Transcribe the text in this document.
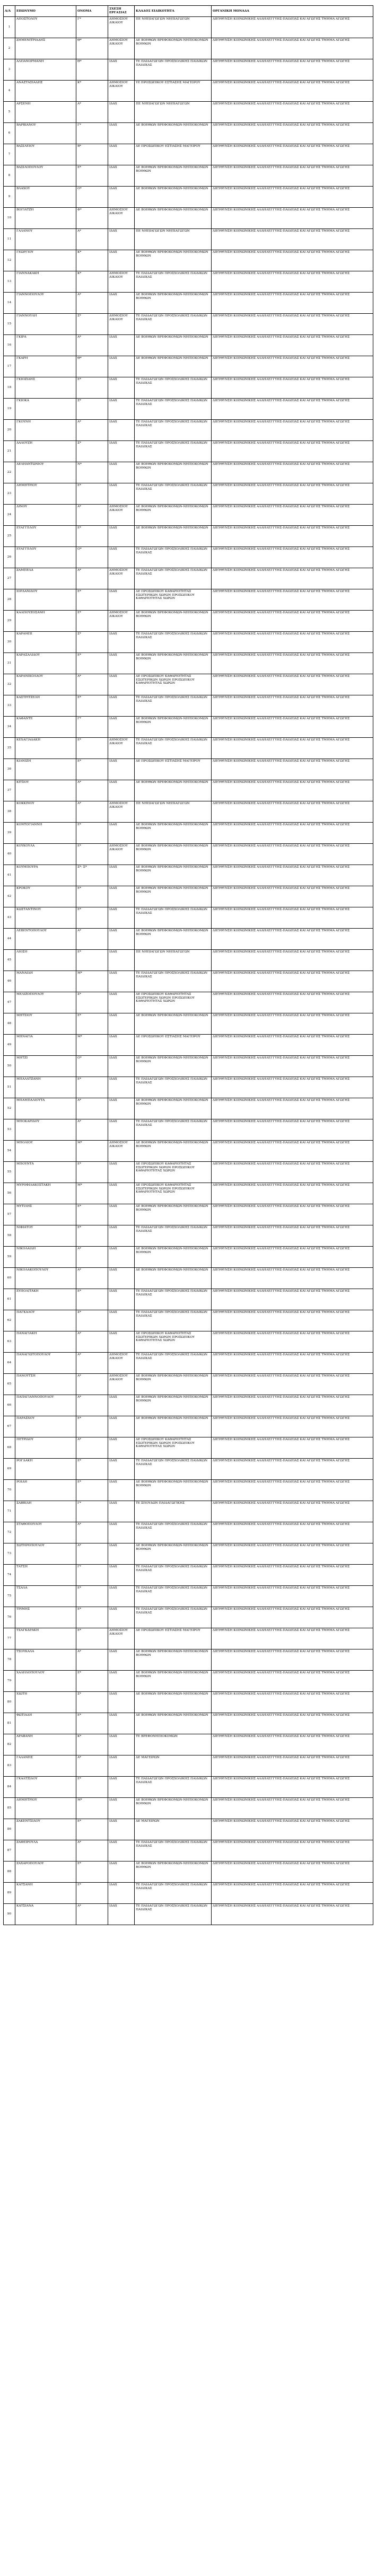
Α/Α	ΕΠΩΝΥΜΟ	ΟΝΟΜΑ	ΣΧΕΣΗ ΕΡΓΑΣΙΑΣ	ΚΛΑΔΟΣ ΕΙΔΙΚΟΤΗΤΑ	ΟΡΓΑΝΙΚΗ ΜΟΝΑΔΑ
1	ΑΠΟΣΤΟΛΟΥ	Γ*	ΔΗΜΟΣΙΟΥ ΔΙΚΑΙΟΥ	ΠΕ ΝΗΠΙΑΓΩΓΩΝ ΝΗΠΙΑΓΩΓΩΝ	ΔΙΕΥΘΥΝΣΗ ΚΟΙΝΩΝΙΚΗΣ ΑΛΛΗΛΕΓΓΥΗΣ-ΠΑΙΔΕΙΑΣ ΚΑΙ ΑΓΩΓΗΣ ΤΜΗΜΑ ΑΓΩΓΗΣ
2	ΖΗΜΕΝΙΤΡΙΑΔΗΣ	Θ*	ΔΗΜΟΣΙΟΥ ΔΙΚΑΙΟΥ	ΔΕ ΒΟΗΘΩΝ ΒΡΕΦΟΚΟΜΩΝ-ΝΗΠΙΟΚΟΜΩΝ ΒΟΗΘΩΝ	ΔΙΕΥΘΥΝΣΗ ΚΟΙΝΩΝΙΚΗΣ ΑΛΛΗΛΕΓΓΥΗΣ-ΠΑΙΔΕΙΑΣ ΚΑΙ ΑΓΩΓΗΣ ΤΜΗΜΑ ΑΓΩΓΗΣ
3	ΑΛΠΑΝΟΡΜΑΝΗ	Θ*	ΙΔΑΧ	ΤΕ ΠΑΙΔΑΓΩΓΩΝ ΠΡΟΣΧΟΛΙΚΗΣ ΠΑΙΔΙΚΩΝ ΠΑΙΔΙΚΑΣ	ΔΙΕΥΘΥΝΣΗ ΚΟΙΝΩΝΙΚΗΣ ΑΛΛΗΛΕΓΓΥΗΣ-ΠΑΙΔΕΙΑΣ ΚΑΙ ΑΓΩΓΗΣ ΤΜΗΜΑ ΑΓΩΓΗΣ
4	ΑΝΑΣΤΑΣΙΑΔΗΣ	Κ*	ΔΗΜΟΣΙΟΥ ΔΙΚΑΙΟΥ	ΥΕ ΠΡΟΣΩΠΙΚΟΥ ΕΣΤΙΑΣΗΣ ΜΑΓΕΙΡΟΥ	ΔΙΕΥΘΥΝΣΗ ΚΟΙΝΩΝΙΚΗΣ ΑΛΛΗΛΕΓΓΥΗΣ-ΠΑΙΔΕΙΑΣ ΚΑΙ ΑΓΩΓΗΣ ΤΜΗΜΑ ΑΓΩΓΗΣ
5	ΑΡΣΕΝΗ	Α*	ΙΔΑΧ	ΠΕ ΝΗΠΙΑΓΩΓΩΝ ΝΗΠΙΑΓΩΓΩΝ	ΔΙΕΥΘΥΝΣΗ ΚΟΙΝΩΝΙΚΗΣ ΑΛΛΗΛΕΓΓΥΗΣ-ΠΑΙΔΕΙΑΣ ΚΑΙ ΑΓΩΓΗΣ ΤΜΗΜΑ ΑΓΩΓΗΣ
6	ΒΑΡΒΙΑΝΟΥ	Γ*	ΙΔΑΧ	ΔΕ ΒΟΗΘΩΝ ΒΡΕΦΟΚΟΜΩΝ-ΝΗΠΙΟΚΟΜΩΝ	ΔΙΕΥΘΥΝΣΗ ΚΟΙΝΩΝΙΚΗΣ ΑΛΛΗΛΕΓΓΥΗΣ-ΠΑΙΔΕΙΑΣ ΚΑΙ ΑΓΩΓΗΣ ΤΜΗΜΑ ΑΓΩΓΗΣ
7	ΒΑΣΙΛΕΙΟΥ	Β*	ΙΔΑΧ	ΔΕ ΠΡΟΣΩΠΙΚΟΥ ΕΣΤΙΑΣΗΣ ΜΑΓΕΙΡΟΥ	ΔΙΕΥΘΥΝΣΗ ΚΟΙΝΩΝΙΚΗΣ ΑΛΛΗΛΕΓΓΥΗΣ-ΠΑΙΔΕΙΑΣ ΚΑΙ ΑΓΩΓΗΣ ΤΜΗΜΑ ΑΓΩΓΗΣ
8	ΒΑΣΙΛΟΠΟΥΛΟΥ	Ε*	ΙΔΑΧ	ΔΕ ΒΟΗΘΩΝ ΒΡΕΦΟΚΟΜΩΝ-ΝΗΠΙΟΚΟΜΩΝ ΒΟΗΘΩΝ	ΔΙΕΥΘΥΝΣΗ ΚΟΙΝΩΝΙΚΗΣ ΑΛΛΗΛΕΓΓΥΗΣ-ΠΑΙΔΕΙΑΣ ΚΑΙ ΑΓΩΓΗΣ ΤΜΗΜΑ ΑΓΩΓΗΣ
9	ΒΛΑΧΟΥ	Ο*	ΙΔΑΧ	ΔΕ ΒΟΗΘΩΝ ΒΡΕΦΟΚΟΜΩΝ-ΝΗΠΙΟΚΟΜΩΝ	ΔΙΕΥΘΥΝΣΗ ΚΟΙΝΩΝΙΚΗΣ ΑΛΛΗΛΕΓΓΥΗΣ-ΠΑΙΔΕΙΑΣ ΚΑΙ ΑΓΩΓΗΣ ΤΜΗΜΑ ΑΓΩΓΗΣ
10	ΒΟΓΙΑΤΖΗ	Φ*	ΔΗΜΟΣΙΟΥ ΔΙΚΑΙΟΥ	ΔΕ ΒΟΗΘΩΝ ΒΡΕΦΟΚΟΜΩΝ-ΝΗΠΙΟΚΟΜΩΝ	ΔΙΕΥΘΥΝΣΗ ΚΟΙΝΩΝΙΚΗΣ ΑΛΛΗΛΕΓΓΥΗΣ-ΠΑΙΔΕΙΑΣ ΚΑΙ ΑΓΩΓΗΣ ΤΜΗΜΑ ΑΓΩΓΗΣ
11	ΓΑΛΑΝΟΥ	Α*	ΙΔΑΧ	ΠΕ ΝΗΠΙΑΓΩΓΩΝ ΝΗΠΙΑΓΩΓΩΝ	ΔΙΕΥΘΥΝΣΗ ΚΟΙΝΩΝΙΚΗΣ ΑΛΛΗΛΕΓΓΥΗΣ-ΠΑΙΔΕΙΑΣ ΚΑΙ ΑΓΩΓΗΣ ΤΜΗΜΑ ΑΓΩΓΗΣ
12	ΓΕΩΡΓΙΟΥ	Κ*	ΙΔΑΧ	ΔΕ ΒΟΗΘΩΝ ΒΡΕΦΟΚΟΜΩΝ-ΝΗΠΙΟΚΟΜΩΝ ΒΟΗΘΩΝ	ΔΙΕΥΘΥΝΣΗ ΚΟΙΝΩΝΙΚΗΣ ΑΛΛΗΛΕΓΓΥΗΣ-ΠΑΙΔΕΙΑΣ ΚΑΙ ΑΓΩΓΗΣ ΤΜΗΜΑ ΑΓΩΓΗΣ
13	ΓΙΑΝΝΑΚΑΚΗ	Κ*	ΔΗΜΟΣΙΟΥ ΔΙΚΑΙΟΥ	ΤΕ ΠΑΙΔΑΓΩΓΩΝ ΠΡΟΣΧΟΛΙΚΗΣ ΠΑΙΔΙΚΩΝ ΠΑΙΔΙΚΑΣ	ΔΙΕΥΘΥΝΣΗ ΚΟΙΝΩΝΙΚΗΣ ΑΛΛΗΛΕΓΓΥΗΣ-ΠΑΙΔΕΙΑΣ ΚΑΙ ΑΓΩΓΗΣ ΤΜΗΜΑ ΑΓΩΓΗΣ
14	ΓΙΑΝΝΟΠΟΥΛΟΥ	Α*	ΙΔΑΧ	ΔΕ ΒΟΗΘΩΝ ΒΡΕΦΟΚΟΜΩΝ-ΝΗΠΙΟΚΟΜΩΝ ΒΟΗΘΩΝ	ΔΙΕΥΘΥΝΣΗ ΚΟΙΝΩΝΙΚΗΣ ΑΛΛΗΛΕΓΓΥΗΣ-ΠΑΙΔΕΙΑΣ ΚΑΙ ΑΓΩΓΗΣ ΤΜΗΜΑ ΑΓΩΓΗΣ
15	ΓΙΑΝΝΟΥΛΗ	Σ*	ΔΗΜΟΣΙΟΥ ΔΙΚΑΙΟΥ	ΤΕ ΠΑΙΔΑΓΩΓΩΝ ΠΡΟΣΧΟΛΙΚΗΣ ΠΑΙΔΙΚΩΝ ΠΑΙΔΙΚΑΣ	ΔΙΕΥΘΥΝΣΗ ΚΟΙΝΩΝΙΚΗΣ ΑΛΛΗΛΕΓΓΥΗΣ-ΠΑΙΔΕΙΑΣ ΚΑΙ ΑΓΩΓΗΣ ΤΜΗΜΑ ΑΓΩΓΗΣ
16	ΓΚΙΡΑ	Α*	ΙΔΑΧ	ΔΕ ΒΟΗΘΩΝ ΒΡΕΦΟΚΟΜΩΝ-ΝΗΠΙΟΚΟΜΩΝ	ΔΙΕΥΘΥΝΣΗ ΚΟΙΝΩΝΙΚΗΣ ΑΛΛΗΛΕΓΓΥΗΣ-ΠΑΙΔΕΙΑΣ ΚΑΙ ΑΓΩΓΗΣ ΤΜΗΜΑ ΑΓΩΓΗΣ
17	ΓΚΑΡΗ	Θ*	ΙΔΑΧ	ΔΕ ΒΟΗΘΩΝ ΒΡΕΦΟΚΟΜΩΝ-ΝΗΠΙΟΚΟΜΩΝ	ΔΙΕΥΘΥΝΣΗ ΚΟΙΝΩΝΙΚΗΣ ΑΛΛΗΛΕΓΓΥΗΣ-ΠΑΙΔΕΙΑΣ ΚΑΙ ΑΓΩΓΗΣ ΤΜΗΜΑ ΑΓΩΓΗΣ
18	ΓΚΙΟΖΙΔΗΣ	Ε*	ΙΔΑΧ	ΤΕ ΠΑΙΔΑΓΩΓΩΝ ΠΡΟΣΧΟΛΙΚΗΣ ΠΑΙΔΙΚΩΝ ΠΑΙΔΙΚΑΣ	ΔΙΕΥΘΥΝΣΗ ΚΟΙΝΩΝΙΚΗΣ ΑΛΛΗΛΕΓΓΥΗΣ-ΠΑΙΔΕΙΑΣ ΚΑΙ ΑΓΩΓΗΣ ΤΜΗΜΑ ΑΓΩΓΗΣ
19	ΓΚΙΟΚΑ	Σ*	ΙΔΑΧ	ΤΕ ΠΑΙΔΑΓΩΓΩΝ ΠΡΟΣΧΟΛΙΚΗΣ ΠΑΙΔΙΚΩΝ ΠΑΙΔΙΚΑΣ	ΔΙΕΥΘΥΝΣΗ ΚΟΙΝΩΝΙΚΗΣ ΑΛΛΗΛΕΓΓΥΗΣ-ΠΑΙΔΕΙΑΣ ΚΑΙ ΑΓΩΓΗΣ ΤΜΗΜΑ ΑΓΩΓΗΣ
20	ΓΚΟΥΝΗ	Α*	ΙΔΑΧ	ΤΕ ΠΑΙΔΑΓΩΓΩΝ ΠΡΟΣΧΟΛΙΚΗΣ ΠΑΙΔΙΚΩΝ ΠΑΙΔΙΚΑΣ	ΔΙΕΥΘΥΝΣΗ ΚΟΙΝΩΝΙΚΗΣ ΑΛΛΗΛΕΓΓΥΗΣ-ΠΑΙΔΕΙΑΣ ΚΑΙ ΑΓΩΓΗΣ ΤΜΗΜΑ ΑΓΩΓΗΣ
21	ΔΑΛΟΥΖΗ	Σ*	ΙΔΑΧ	ΤΕ ΠΑΙΔΑΓΩΓΩΝ ΠΡΟΣΧΟΛΙΚΗΣ ΠΑΙΔΙΚΩΝ ΠΑΙΔΙΚΑΣ	ΔΙΕΥΘΥΝΣΗ ΚΟΙΝΩΝΙΚΗΣ ΑΛΛΗΛΕΓΓΥΗΣ-ΠΑΙΔΕΙΑΣ ΚΑΙ ΑΓΩΓΗΣ ΤΜΗΜΑ ΑΓΩΓΗΣ
22	ΔΕΛΗΑΝΤΩΝΙΟΥ	Ν*	ΙΔΑΧ	ΔΕ ΒΟΗΘΩΝ ΒΡΕΦΟΚΟΜΩΝ-ΝΗΠΙΟΚΟΜΩΝ ΒΟΗΘΩΝ	ΔΙΕΥΘΥΝΣΗ ΚΟΙΝΩΝΙΚΗΣ ΑΛΛΗΛΕΓΓΥΗΣ-ΠΑΙΔΕΙΑΣ ΚΑΙ ΑΓΩΓΗΣ ΤΜΗΜΑ ΑΓΩΓΗΣ
23	ΔΗΜΗΤΡΙΟΥ	Ε*	ΙΔΑΧ	ΤΕ ΠΑΙΔΑΓΩΓΩΝ ΠΡΟΣΧΟΛΙΚΗΣ ΠΑΙΔΙΚΩΝ ΠΑΙΔΙΚΑΣ	ΔΙΕΥΘΥΝΣΗ ΚΟΙΝΩΝΙΚΗΣ ΑΛΛΗΛΕΓΓΥΗΣ-ΠΑΙΔΕΙΑΣ ΚΑΙ ΑΓΩΓΗΣ ΤΜΗΜΑ ΑΓΩΓΗΣ
24	ΔΙΝΟΥ	Α*	ΔΗΜΟΣΙΟΥ ΔΙΚΑΙΟΥ	ΔΕ ΒΟΗΘΩΝ ΒΡΕΦΟΚΟΜΩΝ-ΝΗΠΙΟΚΟΜΩΝ ΒΟΗΘΩΝ	ΔΙΕΥΘΥΝΣΗ ΚΟΙΝΩΝΙΚΗΣ ΑΛΛΗΛΕΓΓΥΗΣ-ΠΑΙΔΕΙΑΣ ΚΑΙ ΑΓΩΓΗΣ ΤΜΗΜΑ ΑΓΩΓΗΣ
25	ΕΥΑΓΓΕΛΟΥ	Ε*	ΙΔΑΧ	ΔΕ ΒΟΗΘΩΝ ΒΡΕΦΟΚΟΜΩΝ-ΝΗΠΙΟΚΟΜΩΝ	ΔΙΕΥΘΥΝΣΗ ΚΟΙΝΩΝΙΚΗΣ ΑΛΛΗΛΕΓΓΥΗΣ-ΠΑΙΔΕΙΑΣ ΚΑΙ ΑΓΩΓΗΣ ΤΜΗΜΑ ΑΓΩΓΗΣ
26	ΕΥΑΓΓΕΛΟΥ	Ο*	ΙΔΑΧ	ΤΕ ΠΑΙΔΑΓΩΓΩΝ ΠΡΟΣΧΟΛΙΚΗΣ ΠΑΙΔΙΚΩΝ ΠΑΙΔΙΚΑΣ	ΔΙΕΥΘΥΝΣΗ ΚΟΙΝΩΝΙΚΗΣ ΑΛΛΗΛΕΓΓΥΗΣ-ΠΑΙΔΕΙΑΣ ΚΑΙ ΑΓΩΓΗΣ ΤΜΗΜΑ ΑΓΩΓΗΣ
27	ΖΑΜΠΕΛΑ	Α*	ΔΗΜΟΣΙΟΥ ΔΙΚΑΙΟΥ	ΤΕ ΠΑΙΔΑΓΩΓΩΝ ΠΡΟΣΧΟΛΙΚΗΣ ΠΑΙΔΙΚΩΝ ΠΑΙΔΙΚΑΣ	ΔΙΕΥΘΥΝΣΗ ΚΟΙΝΩΝΙΚΗΣ ΑΛΛΗΛΕΓΓΥΗΣ-ΠΑΙΔΕΙΑΣ ΚΑΙ ΑΓΩΓΗΣ ΤΜΗΜΑ ΑΓΩΓΗΣ
28	ΙΟΡΔΑΝΙΔΟΥ	Ε*	ΙΔΑΧ	ΔΕ ΠΡΟΣΩΠΙΚΟΥ ΚΑΘΑΡΙΟΤΗΤΑΣ ΕΣΩΤΕΡΙΚΩΝ ΧΩΡΩΝ ΠΡΟΣΩΠΙΚΟΥ ΚΑΘΑΡΙΟΤΗΤΑΣ ΧΩΡΩΝ	ΔΙΕΥΘΥΝΣΗ ΚΟΙΝΩΝΙΚΗΣ ΑΛΛΗΛΕΓΓΥΗΣ-ΠΑΙΔΕΙΑΣ ΚΑΙ ΑΓΩΓΗΣ ΤΜΗΜΑ ΑΓΩΓΗΣ
29	ΚΑΛΠΟΥΖΟΣΑΝΗ	Ε*	ΔΗΜΟΣΙΟΥ ΔΙΚΑΙΟΥ	ΔΕ ΒΟΗΘΩΝ ΒΡΕΦΟΚΟΜΩΝ-ΝΗΠΙΟΚΟΜΩΝ ΒΟΗΘΩΝ	ΔΙΕΥΘΥΝΣΗ ΚΟΙΝΩΝΙΚΗΣ ΑΛΛΗΛΕΓΓΥΗΣ-ΠΑΙΔΕΙΑΣ ΚΑΙ ΑΓΩΓΗΣ ΤΜΗΜΑ ΑΓΩΓΗΣ
30	ΚΑΡΑΜΠΙ	Σ*	ΙΔΑΧ	ΤΕ ΠΑΙΔΑΓΩΓΩΝ ΠΡΟΣΧΟΛΙΚΗΣ ΠΑΙΔΙΚΩΝ ΠΑΙΔΙΚΑΣ	ΔΙΕΥΘΥΝΣΗ ΚΟΙΝΩΝΙΚΗΣ ΑΛΛΗΛΕΓΓΥΗΣ-ΠΑΙΔΕΙΑΣ ΚΑΙ ΑΓΩΓΗΣ ΤΜΗΜΑ ΑΓΩΓΗΣ
31	ΚΑΡΑΣΑΛΙΔΟΥ	Ε*	ΙΔΑΧ	ΔΕ ΒΟΗΘΩΝ ΒΡΕΦΟΚΟΜΩΝ-ΝΗΠΙΟΚΟΜΩΝ ΒΟΗΘΩΝ	ΔΙΕΥΘΥΝΣΗ ΚΟΙΝΩΝΙΚΗΣ ΑΛΛΗΛΕΓΓΥΗΣ-ΠΑΙΔΕΙΑΣ ΚΑΙ ΑΓΩΓΗΣ ΤΜΗΜΑ ΑΓΩΓΗΣ
32	ΚΑΡΑΝΙΚΟΛΑΟΥ	Α*	ΙΔΑΧ	ΔΕ ΠΡΟΣΩΠΙΚΟΥ ΚΑΘΑΡΙΟΤΗΤΑΣ ΕΣΩΤΕΡΙΚΩΝ ΧΩΡΩΝ ΠΡΟΣΩΠΙΚΟΥ ΚΑΘΑΡΙΟΤΗΤΑΣ ΧΩΡΩΝ	ΔΙΕΥΘΥΝΣΗ ΚΟΙΝΩΝΙΚΗΣ ΑΛΛΗΛΕΓΓΥΗΣ-ΠΑΙΔΕΙΑΣ ΚΑΙ ΑΓΩΓΗΣ ΤΜΗΜΑ ΑΓΩΓΗΣ
33	ΚΑΣΤΡΙΤΖΕΛΗ	Ε*	ΙΔΑΧ	ΤΕ ΠΑΙΔΑΓΩΓΩΝ ΠΡΟΣΧΟΛΙΚΗΣ ΠΑΙΔΙΚΩΝ ΠΑΙΔΙΚΑΣ	ΔΙΕΥΘΥΝΣΗ ΚΟΙΝΩΝΙΚΗΣ ΑΛΛΗΛΕΓΓΥΗΣ-ΠΑΙΔΕΙΑΣ ΚΑΙ ΑΓΩΓΗΣ ΤΜΗΜΑ ΑΓΩΓΗΣ
34	ΚΑΦΑΝΤΕ	Γ*	ΙΔΑΧ	ΔΕ ΒΟΗΘΩΝ ΒΡΕΦΟΚΟΜΩΝ-ΝΗΠΙΟΚΟΜΩΝ ΒΟΗΘΩΝ	ΔΙΕΥΘΥΝΣΗ ΚΟΙΝΩΝΙΚΗΣ ΑΛΛΗΛΕΓΓΥΗΣ-ΠΑΙΔΕΙΑΣ ΚΑΙ ΑΓΩΓΗΣ ΤΜΗΜΑ ΑΓΩΓΗΣ
35	ΚΕΧΑΓΙΑΔΑΚΗ	Ε*	ΔΗΜΟΣΙΟΥ ΔΙΚΑΙΟΥ	ΤΕ ΠΑΙΔΑΓΩΓΩΝ ΠΡΟΣΧΟΛΙΚΗΣ ΠΑΙΔΙΚΩΝ ΠΑΙΔΙΚΑΣ	ΔΙΕΥΘΥΝΣΗ ΚΟΙΝΩΝΙΚΗΣ ΑΛΛΗΛΕΓΓΥΗΣ-ΠΑΙΔΕΙΑΣ ΚΑΙ ΑΓΩΓΗΣ ΤΜΗΜΑ ΑΓΩΓΗΣ
36	ΚΙΛΝΙΖΗ	Ε*	ΙΔΑΧ	ΔΕ ΠΡΟΣΩΠΙΚΟΥ ΕΣΤΙΑΣΗΣ ΜΑΓΕΙΡΟΥ	ΔΙΕΥΘΥΝΣΗ ΚΟΙΝΩΝΙΚΗΣ ΑΛΛΗΛΕΓΓΥΗΣ-ΠΑΙΔΕΙΑΣ ΚΑΙ ΑΓΩΓΗΣ ΤΜΗΜΑ ΑΓΩΓΗΣ
37	ΚΙΤΣΟΥ	Α*	ΙΔΑΧ	ΔΕ ΒΟΗΘΩΝ ΒΡΕΦΟΚΟΜΩΝ-ΝΗΠΙΟΚΟΜΩΝ	ΔΙΕΥΘΥΝΣΗ ΚΟΙΝΩΝΙΚΗΣ ΑΛΛΗΛΕΓΓΥΗΣ-ΠΑΙΔΕΙΑΣ ΚΑΙ ΑΓΩΓΗΣ ΤΜΗΜΑ ΑΓΩΓΗΣ
38	ΚΟΚΚΙΝΟΥ	Α*	ΔΗΜΟΣΙΟΥ ΔΙΚΑΙΟΥ	ΠΕ ΝΗΠΙΑΓΩΓΩΝ ΝΗΠΙΑΓΩΓΩΝ	ΔΙΕΥΘΥΝΣΗ ΚΟΙΝΩΝΙΚΗΣ ΑΛΛΗΛΕΓΓΥΗΣ-ΠΑΙΔΕΙΑΣ ΚΑΙ ΑΓΩΓΗΣ ΤΜΗΜΑ ΑΓΩΓΗΣ
39	ΚΟΝΤΟΓΙΑΝΝΗ	Ε*	ΙΔΑΧ	ΔΕ ΒΟΗΘΩΝ ΒΡΕΦΟΚΟΜΩΝ-ΝΗΠΙΟΚΟΜΩΝ ΒΟΗΘΩΝ	ΔΙΕΥΘΥΝΣΗ ΚΟΙΝΩΝΙΚΗΣ ΑΛΛΗΛΕΓΓΥΗΣ-ΠΑΙΔΕΙΑΣ ΚΑΙ ΑΓΩΓΗΣ ΤΜΗΜΑ ΑΓΩΓΗΣ
40	ΚΟΥΚΟΥΛΑ	Ε*	ΔΗΜΟΣΙΟΥ ΔΙΚΑΙΟΥ	ΔΕ ΒΟΗΘΩΝ ΒΡΕΦΟΚΟΜΩΝ-ΝΗΠΙΟΚΟΜΩΝ ΒΟΗΘΩΝ	ΔΙΕΥΘΥΝΣΗ ΚΟΙΝΩΝΙΚΗΣ ΑΛΛΗΛΕΓΓΥΗΣ-ΠΑΙΔΕΙΑΣ ΚΑΙ ΑΓΩΓΗΣ ΤΜΗΜΑ ΑΓΩΓΗΣ
41	ΚΟΥΜΠΟΥΡΑ	Σ*- Σ*	ΙΔΑΧ	ΔΕ ΒΟΗΘΩΝ ΒΡΕΦΟΚΟΜΩΝ-ΝΗΠΙΟΚΟΜΩΝ ΒΟΗΘΩΝ	ΔΙΕΥΘΥΝΣΗ ΚΟΙΝΩΝΙΚΗΣ ΑΛΛΗΛΕΓΓΥΗΣ-ΠΑΙΔΕΙΑΣ ΚΑΙ ΑΓΩΓΗΣ ΤΜΗΜΑ ΑΓΩΓΗΣ
42	ΚΡΟΚΟΥ	Ε*	ΙΔΑΧ	ΔΕ ΒΟΗΘΩΝ ΒΡΕΦΟΚΟΜΩΝ-ΝΗΠΙΟΚΟΜΩΝ ΒΟΗΘΩΝ	ΔΙΕΥΘΥΝΣΗ ΚΟΙΝΩΝΙΚΗΣ ΑΛΛΗΛΕΓΓΥΗΣ-ΠΑΙΔΕΙΑΣ ΚΑΙ ΑΓΩΓΗΣ ΤΜΗΜΑ ΑΓΩΓΗΣ
43	ΚΩΣΤΑΝΤΙΝΟΥ	Ε*	ΙΔΑΧ	ΤΕ ΠΑΙΔΑΓΩΓΩΝ ΠΡΟΣΧΟΛΙΚΗΣ ΠΑΙΔΙΚΩΝ ΠΑΙΔΙΚΑΣ	ΔΙΕΥΘΥΝΣΗ ΚΟΙΝΩΝΙΚΗΣ ΑΛΛΗΛΕΓΓΥΗΣ-ΠΑΙΔΕΙΑΣ ΚΑΙ ΑΓΩΓΗΣ ΤΜΗΜΑ ΑΓΩΓΗΣ
44	ΛΕΒΕΝΤΟΠΟΥΛΟΥ	Α*	ΙΔΑΧ	ΔΕ ΒΟΗΘΩΝ ΒΡΕΦΟΚΟΜΩΝ-ΝΗΠΙΟΚΟΜΩΝ ΒΟΗΘΩΝ	ΔΙΕΥΘΥΝΣΗ ΚΟΙΝΩΝΙΚΗΣ ΑΛΛΗΛΕΓΓΥΗΣ-ΠΑΙΔΕΙΑΣ ΚΑΙ ΑΓΩΓΗΣ ΤΜΗΜΑ ΑΓΩΓΗΣ
45	ΛΙΟΣΗ	Ε*	ΙΔΑΧ	ΠΕ ΝΗΠΙΑΓΩΓΩΝ ΝΗΠΙΑΓΩΓΩΝ	ΔΙΕΥΘΥΝΣΗ ΚΟΙΝΩΝΙΚΗΣ ΑΛΛΗΛΕΓΓΥΗΣ-ΠΑΙΔΕΙΑΣ ΚΑΙ ΑΓΩΓΗΣ ΤΜΗΜΑ ΑΓΩΓΗΣ
46	ΜΑΝΑΙΔΗ	Μ*	ΙΔΑΧ	ΤΕ ΠΑΙΔΑΓΩΓΩΝ ΠΡΟΣΧΟΛΙΚΗΣ ΠΑΙΔΙΚΩΝ ΠΑΙΔΙΚΑΣ	ΔΙΕΥΘΥΝΣΗ ΚΟΙΝΩΝΙΚΗΣ ΑΛΛΗΛΕΓΓΥΗΣ-ΠΑΙΔΕΙΑΣ ΚΑΙ ΑΓΩΓΗΣ ΤΜΗΜΑ ΑΓΩΓΗΣ
47	ΜΕΛΙΖΟΠΟΥΛΟΥ	Σ*	ΙΔΑΧ	ΔΕ ΠΡΟΣΩΠΙΚΟΥ ΚΑΘΑΡΙΟΤΗΤΑΣ ΕΣΩΤΕΡΙΚΩΝ ΧΩΡΩΝ ΠΡΟΣΩΠΙΚΟΥ ΚΑΘΑΡΙΟΤΗΤΑΣ ΧΩΡΩΝ	ΔΙΕΥΘΥΝΣΗ ΚΟΙΝΩΝΙΚΗΣ ΑΛΛΗΛΕΓΓΥΗΣ-ΠΑΙΔΕΙΑΣ ΚΑΙ ΑΓΩΓΗΣ ΤΜΗΜΑ ΑΓΩΓΗΣ
48	ΜΗΤΣΙΟΥ	Ε*	ΙΔΑΧ	ΔΕ ΒΟΗΘΩΝ ΒΡΕΦΟΚΟΜΩΝ-ΝΗΠΙΟΚΟΜΩΝ	ΔΙΕΥΘΥΝΣΗ ΚΟΙΝΩΝΙΚΗΣ ΑΛΛΗΛΕΓΓΥΗΣ-ΠΑΙΔΕΙΑΣ ΚΑΙ ΑΓΩΓΗΣ ΤΜΗΜΑ ΑΓΩΓΗΣ
49	ΜΗΝΑΓΙΑ	Μ*	ΙΔΑΧ	ΔΕ ΠΡΟΣΩΠΙΚΟΥ ΕΣΤΙΑΣΗΣ ΜΑΓΕΙΡΟΥ	ΔΙΕΥΘΥΝΣΗ ΚΟΙΝΩΝΙΚΗΣ ΑΛΛΗΛΕΓΓΥΗΣ-ΠΑΙΔΕΙΑΣ ΚΑΙ ΑΓΩΓΗΣ ΤΜΗΜΑ ΑΓΩΓΗΣ
50	ΜΗΤΖΙ	Ο*	ΙΔΑΧ	ΔΕ ΒΟΗΘΩΝ ΒΡΕΦΟΚΟΜΩΝ-ΝΗΠΙΟΚΟΜΩΝ ΒΟΗΘΩΝ	ΔΙΕΥΘΥΝΣΗ ΚΟΙΝΩΝΙΚΗΣ ΑΛΛΗΛΕΓΓΥΗΣ-ΠΑΙΔΕΙΑΣ ΚΑΙ ΑΓΩΓΗΣ ΤΜΗΜΑ ΑΓΩΓΗΣ
51	ΜΠΑΛΑΤΖΑΝΗ	Ε*	ΙΔΑΧ	ΤΕ ΠΑΙΔΑΓΩΓΩΝ ΠΡΟΣΧΟΛΙΚΗΣ ΠΑΙΔΙΚΩΝ ΠΑΙΔΙΚΑΣ	ΔΙΕΥΘΥΝΣΗ ΚΟΙΝΩΝΙΚΗΣ ΑΛΛΗΛΕΓΓΥΗΣ-ΠΑΙΔΕΙΑΣ ΚΑΙ ΑΓΩΓΗΣ ΤΜΗΜΑ ΑΓΩΓΗΣ
52	ΜΠΑΜΠΑΛΙΟΥΤΑ	Α*	ΙΔΑΧ	ΔΕ ΒΟΗΘΩΝ ΒΡΕΦΟΚΟΜΩΝ-ΝΗΠΙΟΚΟΜΩΝ ΒΟΗΘΩΝ	ΔΙΕΥΘΥΝΣΗ ΚΟΙΝΩΝΙΚΗΣ ΑΛΛΗΛΕΓΓΥΗΣ-ΠΑΙΔΕΙΑΣ ΚΑΙ ΑΓΩΓΗΣ ΤΜΗΜΑ ΑΓΩΓΗΣ
53	ΜΠΟΚΑΡΙΔΟΥ	Α*	ΙΔΑΧ	ΤΕ ΠΑΙΔΑΓΩΓΩΝ ΠΡΟΣΧΟΛΙΚΗΣ ΠΑΙΔΙΚΩΝ ΠΑΙΔΙΚΑΣ	ΔΙΕΥΘΥΝΣΗ ΚΟΙΝΩΝΙΚΗΣ ΑΛΛΗΛΕΓΓΥΗΣ-ΠΑΙΔΕΙΑΣ ΚΑΙ ΑΓΩΓΗΣ ΤΜΗΜΑ ΑΓΩΓΗΣ
54	ΜΠΟΛΙΟΥ	Μ*	ΔΗΜΟΣΙΟΥ ΔΙΚΑΙΟΥ	ΔΕ ΒΟΗΘΩΝ ΒΡΕΦΟΚΟΜΩΝ-ΝΗΠΙΟΚΟΜΩΝ ΒΟΗΘΩΝ	ΔΙΕΥΘΥΝΣΗ ΚΟΙΝΩΝΙΚΗΣ ΑΛΛΗΛΕΓΓΥΗΣ-ΠΑΙΔΕΙΑΣ ΚΑΙ ΑΓΩΓΗΣ ΤΜΗΜΑ ΑΓΩΓΗΣ
55	ΜΠΟΥΝΤΑ	Ε*	ΙΔΑΧ	ΔΕ ΠΡΟΣΩΠΙΚΟΥ ΚΑΘΑΡΙΟΤΗΤΑΣ ΕΣΩΤΕΡΙΚΩΝ ΧΩΡΩΝ ΠΡΟΣΩΠΙΚΟΥ ΚΑΘΑΡΙΟΤΗΤΑΣ ΧΩΡΩΝ	ΔΙΕΥΘΥΝΣΗ ΚΟΙΝΩΝΙΚΗΣ ΑΛΛΗΛΕΓΓΥΗΣ-ΠΑΙΔΕΙΑΣ ΚΑΙ ΑΓΩΓΗΣ ΤΜΗΜΑ ΑΓΩΓΗΣ
56	ΜΥΡΟΦΙΛΑΚΟΣΤΑΚΗ	Μ*	ΙΔΑΧ	ΔΕ ΠΡΟΣΩΠΙΚΟΥ ΚΑΘΑΡΙΟΤΗΤΑΣ ΕΣΩΤΕΡΙΚΩΝ ΧΩΡΩΝ ΠΡΟΣΩΠΙΚΟΥ ΚΑΘΑΡΙΟΤΗΤΑΣ ΧΩΡΩΝ	ΔΙΕΥΘΥΝΣΗ ΚΟΙΝΩΝΙΚΗΣ ΑΛΛΗΛΕΓΓΥΗΣ-ΠΑΙΔΕΙΑΣ ΚΑΙ ΑΓΩΓΗΣ ΤΜΗΜΑ ΑΓΩΓΗΣ
57	ΜΥΤΙΛΗΣ	Ε*	ΙΔΑΧ	ΔΕ ΒΟΗΘΩΝ ΒΡΕΦΟΚΟΜΩΝ-ΝΗΠΙΟΚΟΜΩΝ ΒΟΗΘΩΝ	ΔΙΕΥΘΥΝΣΗ ΚΟΙΝΩΝΙΚΗΣ ΑΛΛΗΛΕΓΓΥΗΣ-ΠΑΙΔΕΙΑΣ ΚΑΙ ΑΓΩΓΗΣ ΤΜΗΜΑ ΑΓΩΓΗΣ
58	ΝΙΦΙΑΤΟΥ	Ε*	ΙΔΑΧ	ΤΕ ΠΑΙΔΑΓΩΓΩΝ ΠΡΟΣΧΟΛΙΚΗΣ ΠΑΙΔΙΚΩΝ ΠΑΙΔΙΚΑΣ	ΔΙΕΥΘΥΝΣΗ ΚΟΙΝΩΝΙΚΗΣ ΑΛΛΗΛΕΓΓΥΗΣ-ΠΑΙΔΕΙΑΣ ΚΑΙ ΑΓΩΓΗΣ ΤΜΗΜΑ ΑΓΩΓΗΣ
59	ΝΙΚΟΛΑΙΔΗ	Α*	ΙΔΑΧ	ΔΕ ΒΟΗΘΩΝ ΒΡΕΦΟΚΟΜΩΝ-ΝΗΠΙΟΚΟΜΩΝ ΒΟΗΘΩΝ	ΔΙΕΥΘΥΝΣΗ ΚΟΙΝΩΝΙΚΗΣ ΑΛΛΗΛΕΓΓΥΗΣ-ΠΑΙΔΕΙΑΣ ΚΑΙ ΑΓΩΓΗΣ ΤΜΗΜΑ ΑΓΩΓΗΣ
60	ΝΙΚΟΛΑΚΟΠΟΥΛΟΥ	Α*	ΙΔΑΧ	ΔΕ ΒΟΗΘΩΝ ΒΡΕΦΟΚΟΜΩΝ-ΝΗΠΙΟΚΟΜΩΝ	ΔΙΕΥΘΥΝΣΗ ΚΟΙΝΩΝΙΚΗΣ ΑΛΛΗΛΕΓΓΥΗΣ-ΠΑΙΔΕΙΑΣ ΚΑΙ ΑΓΩΓΗΣ ΤΜΗΜΑ ΑΓΩΓΗΣ
61	ΞΥΠΟΛΙΤΑΚΗ	Ε*	ΙΔΑΧ	ΤΕ ΠΑΙΔΑΓΩΓΩΝ ΠΡΟΣΧΟΛΙΚΗΣ ΠΑΙΔΙΚΩΝ ΠΑΙΔΙΚΑΣ	ΔΙΕΥΘΥΝΣΗ ΚΟΙΝΩΝΙΚΗΣ ΑΛΛΗΛΕΓΓΥΗΣ-ΠΑΙΔΕΙΑΣ ΚΑΙ ΑΓΩΓΗΣ ΤΜΗΜΑ ΑΓΩΓΗΣ
62	ΠΑΓΚΑΛΟΥ	Σ*	ΙΔΑΧ	ΤΕ ΠΑΙΔΑΓΩΓΩΝ ΠΡΟΣΧΟΛΙΚΗΣ ΠΑΙΔΙΚΩΝ ΠΑΙΔΙΚΑΣ	ΔΙΕΥΘΥΝΣΗ ΚΟΙΝΩΝΙΚΗΣ ΑΛΛΗΛΕΓΓΥΗΣ-ΠΑΙΔΕΙΑΣ ΚΑΙ ΑΓΩΓΗΣ ΤΜΗΜΑ ΑΓΩΓΗΣ
63	ΠΑΝΑΓΙΑΚΗ	Α*	ΙΔΑΧ	ΔΕ ΠΡΟΣΩΠΙΚΟΥ ΚΑΘΑΡΙΟΤΗΤΑΣ ΕΣΩΤΕΡΙΚΩΝ ΧΩΡΩΝ ΠΡΟΣΩΠΙΚΟΥ ΚΑΘΑΡΙΟΤΗΤΑΣ ΧΩΡΩΝ	ΔΙΕΥΘΥΝΣΗ ΚΟΙΝΩΝΙΚΗΣ ΑΛΛΗΛΕΓΓΥΗΣ-ΠΑΙΔΕΙΑΣ ΚΑΙ ΑΓΩΓΗΣ ΤΜΗΜΑ ΑΓΩΓΗΣ
64	ΠΑΝΑΓΙΩΤΟΠΟΥΛΟΥ	Α*	ΔΗΜΟΣΙΟΥ ΔΙΚΑΙΟΥ	ΤΕ ΠΑΙΔΑΓΩΓΩΝ ΠΡΟΣΧΟΛΙΚΗΣ ΠΑΙΔΙΚΩΝ ΠΑΙΔΙΚΑΣ	ΔΙΕΥΘΥΝΣΗ ΚΟΙΝΩΝΙΚΗΣ ΑΛΛΗΛΕΓΓΥΗΣ-ΠΑΙΔΕΙΑΣ ΚΑΙ ΑΓΩΓΗΣ ΤΜΗΜΑ ΑΓΩΓΗΣ
65	ΠΑΝΟΥΤΣΗ	Α*	ΔΗΜΟΣΙΟΥ ΔΙΚΑΙΟΥ	ΔΕ ΒΟΗΘΩΝ ΒΡΕΦΟΚΟΜΩΝ-ΝΗΠΙΟΚΟΜΩΝ ΒΟΗΘΩΝ	ΔΙΕΥΘΥΝΣΗ ΚΟΙΝΩΝΙΚΗΣ ΑΛΛΗΛΕΓΓΥΗΣ-ΠΑΙΔΕΙΑΣ ΚΑΙ ΑΓΩΓΗΣ ΤΜΗΜΑ ΑΓΩΓΗΣ
66	ΠΑΠΑΓΙΑΝΝΟΠΟΥΛΟΥ	Α*	ΙΔΑΧ	ΔΕ ΒΟΗΘΩΝ ΒΡΕΦΟΚΟΜΩΝ-ΝΗΠΙΟΚΟΜΩΝ ΒΟΗΘΩΝ	ΔΙΕΥΘΥΝΣΗ ΚΟΙΝΩΝΙΚΗΣ ΑΛΛΗΛΕΓΓΥΗΣ-ΠΑΙΔΕΙΑΣ ΚΑΙ ΑΓΩΓΗΣ ΤΜΗΜΑ ΑΓΩΓΗΣ
67	ΠΑΡΑΣΧΟΥ	Ε*	ΙΔΑΧ	ΔΕ ΒΟΗΘΩΝ ΒΡΕΦΟΚΟΜΩΝ-ΝΗΠΙΟΚΟΜΩΝ	ΔΙΕΥΘΥΝΣΗ ΚΟΙΝΩΝΙΚΗΣ ΑΛΛΗΛΕΓΓΥΗΣ-ΠΑΙΔΕΙΑΣ ΚΑΙ ΑΓΩΓΗΣ ΤΜΗΜΑ ΑΓΩΓΗΣ
68	ΠΕΤΡΙΔΟΥ	Α*	ΙΔΑΧ	ΔΕ ΠΡΟΣΩΠΙΚΟΥ ΚΑΘΑΡΙΟΤΗΤΑΣ ΕΣΩΤΕΡΙΚΩΝ ΧΩΡΩΝ ΠΡΟΣΩΠΙΚΟΥ ΚΑΘΑΡΙΟΤΗΤΑΣ ΧΩΡΩΝ	ΔΙΕΥΘΥΝΣΗ ΚΟΙΝΩΝΙΚΗΣ ΑΛΛΗΛΕΓΓΥΗΣ-ΠΑΙΔΕΙΑΣ ΚΑΙ ΑΓΩΓΗΣ ΤΜΗΜΑ ΑΓΩΓΗΣ
69	ΡΟΓΔΑΚΗ	Ε*	ΙΔΑΧ	ΤΕ ΠΑΙΔΑΓΩΓΩΝ ΠΡΟΣΧΟΛΙΚΗΣ ΠΑΙΔΙΚΩΝ ΠΑΙΔΙΚΑΣ	ΔΙΕΥΘΥΝΣΗ ΚΟΙΝΩΝΙΚΗΣ ΑΛΛΗΛΕΓΓΥΗΣ-ΠΑΙΔΕΙΑΣ ΚΑΙ ΑΓΩΓΗΣ ΤΜΗΜΑ ΑΓΩΓΗΣ
70	ΡΟΙΔΗ	Ε*	ΙΔΑΧ	ΔΕ ΒΟΗΘΩΝ ΒΡΕΦΟΚΟΜΩΝ-ΝΗΠΙΟΚΟΜΩΝ ΒΟΗΘΩΝ	ΔΙΕΥΘΥΝΣΗ ΚΟΙΝΩΝΙΚΗΣ ΑΛΛΗΛΕΓΓΥΗΣ-ΠΑΙΔΕΙΑΣ ΚΑΙ ΑΓΩΓΗΣ ΤΜΗΜΑ ΑΓΩΓΗΣ
71	ΣΑΒΒΙΔΗ	Γ*	ΙΔΑΧ	ΤΕ ΣΠΟΥΔΩΝ ΠΑΙΔΑΓΩΓΙΚΗΣ	ΔΙΕΥΘΥΝΣΗ ΚΟΙΝΩΝΙΚΗΣ ΑΛΛΗΛΕΓΓΥΗΣ-ΠΑΙΔΕΙΑΣ ΚΑΙ ΑΓΩΓΗΣ ΤΜΗΜΑ ΑΓΩΓΗΣ
72	ΣΤΑΘΟΠΟΥΛΟΥ	Α*	ΙΔΑΧ	ΤΕ ΠΑΙΔΑΓΩΓΩΝ ΠΡΟΣΧΟΛΙΚΗΣ ΠΑΙΔΙΚΩΝ ΠΑΙΔΙΚΑΣ	ΔΙΕΥΘΥΝΣΗ ΚΟΙΝΩΝΙΚΗΣ ΑΛΛΗΛΕΓΓΥΗΣ-ΠΑΙΔΕΙΑΣ ΚΑΙ ΑΓΩΓΗΣ ΤΜΗΜΑ ΑΓΩΓΗΣ
73	ΣΩΤΗΡΟΠΟΥΛΟΥ	Α*	ΙΔΑΧ	ΔΕ ΒΟΗΘΩΝ ΒΡΕΦΟΚΟΜΩΝ-ΝΗΠΙΟΚΟΜΩΝ ΒΟΗΘΩΝ	ΔΙΕΥΘΥΝΣΗ ΚΟΙΝΩΝΙΚΗΣ ΑΛΛΗΛΕΓΓΥΗΣ-ΠΑΙΔΕΙΑΣ ΚΑΙ ΑΓΩΓΗΣ ΤΜΗΜΑ ΑΓΩΓΗΣ
74	ΤΑΤΣΗ	Γ*	ΙΔΑΧ	ΤΕ ΠΑΙΔΑΓΩΓΩΝ ΠΡΟΣΧΟΛΙΚΗΣ ΠΑΙΔΙΚΩΝ ΠΑΙΔΙΚΑΣ	ΔΙΕΥΘΥΝΣΗ ΚΟΙΝΩΝΙΚΗΣ ΑΛΛΗΛΕΓΓΥΗΣ-ΠΑΙΔΕΙΑΣ ΚΑΙ ΑΓΩΓΗΣ ΤΜΗΜΑ ΑΓΩΓΗΣ
75	ΤΣΑΛΑ	Ε*	ΙΔΑΧ	ΤΕ ΠΑΙΔΑΓΩΓΩΝ ΠΡΟΣΧΟΛΙΚΗΣ ΠΑΙΔΙΚΩΝ ΠΑΙΔΙΚΑΣ	ΔΙΕΥΘΥΝΣΗ ΚΟΙΝΩΝΙΚΗΣ ΑΛΛΗΛΕΓΓΥΗΣ-ΠΑΙΔΕΙΑΣ ΚΑΙ ΑΓΩΓΗΣ ΤΜΗΜΑ ΑΓΩΓΗΣ
76	ΤΡΙΜΗΣ	Ε*	ΙΔΑΧ	ΤΕ ΠΑΙΔΑΓΩΓΩΝ ΠΡΟΣΧΟΛΙΚΗΣ ΠΑΙΔΙΚΩΝ ΠΑΙΔΙΚΑΣ	ΔΙΕΥΘΥΝΣΗ ΚΟΙΝΩΝΙΚΗΣ ΑΛΛΗΛΕΓΓΥΗΣ-ΠΑΙΔΕΙΑΣ ΚΑΙ ΑΓΩΓΗΣ ΤΜΗΜΑ ΑΓΩΓΗΣ
77	ΤΣΑΓΚΑΡΑΚΗ	Ε*	ΔΗΜΟΣΙΟΥ ΔΙΚΑΙΟΥ	ΔΕ ΠΡΟΣΩΠΙΚΟΥ ΕΣΤΙΑΣΗΣ ΜΑΓΕΙΡΟΥ	ΔΙΕΥΘΥΝΣΗ ΚΟΙΝΩΝΙΚΗΣ ΑΛΛΗΛΕΓΓΥΗΣ-ΠΑΙΔΕΙΑΣ ΚΑΙ ΑΓΩΓΗΣ ΤΜΗΜΑ ΑΓΩΓΗΣ
78	ΤΣΟΥΚΑΛΑ	Α*	ΙΔΑΧ	ΔΕ ΒΟΗΘΩΝ ΒΡΕΦΟΚΟΜΩΝ-ΝΗΠΙΟΚΟΜΩΝ ΒΟΗΘΩΝ	ΔΙΕΥΘΥΝΣΗ ΚΟΙΝΩΝΙΚΗΣ ΑΛΛΗΛΕΓΓΥΗΣ-ΠΑΙΔΕΙΑΣ ΚΑΙ ΑΓΩΓΗΣ ΤΜΗΜΑ ΑΓΩΓΗΣ
79	ΧΑΛΗΛΟΠΟΥΛΟΥ	Ε*	ΙΔΑΧ	ΔΕ ΒΟΗΘΩΝ ΒΡΕΦΟΚΟΜΩΝ-ΝΗΠΙΟΚΟΜΩΝ ΒΟΗΘΩΝ	ΔΙΕΥΘΥΝΣΗ ΚΟΙΝΩΝΙΚΗΣ ΑΛΛΗΛΕΓΓΥΗΣ-ΠΑΙΔΕΙΑΣ ΚΑΙ ΑΓΩΓΗΣ ΤΜΗΜΑ ΑΓΩΓΗΣ
80	ΧΙΩΤΗ	Σ*	ΙΔΑΧ	ΔΕ ΒΟΗΘΩΝ ΒΡΕΦΟΚΟΜΩΝ-ΝΗΠΙΟΚΟΜΩΝ	ΔΙΕΥΘΥΝΣΗ ΚΟΙΝΩΝΙΚΗΣ ΑΛΛΗΛΕΓΓΥΗΣ-ΠΑΙΔΕΙΑΣ ΚΑΙ ΑΓΩΓΗΣ ΤΜΗΜΑ ΑΓΩΓΗΣ
81	ΦΩΤΙΑΔΗ	Ε*	ΙΔΑΧ	ΔΕ ΒΟΗΘΩΝ ΒΡΕΦΟΚΟΜΩΝ-ΝΗΠΙΟΚΟΜΩΝ	ΔΙΕΥΘΥΝΣΗ ΚΟΙΝΩΝΙΚΗΣ ΑΛΛΗΛΕΓΓΥΗΣ-ΠΑΙΔΕΙΑΣ ΚΑΙ ΑΓΩΓΗΣ ΤΜΗΜΑ ΑΓΩΓΗΣ
82	ΑΡΑΒΑΝΗ	Κ*	ΙΔΑΧ	ΤΕ ΒΡΕΦΟΝΗΠΙΟΚΟΜΩΝ	ΔΙΕΥΘΥΝΣΗ ΚΟΙΝΩΝΙΚΗΣ ΑΛΛΗΛΕΓΓΥΗΣ-ΠΑΙΔΕΙΑΣ ΚΑΙ ΑΓΩΓΗΣ ΤΜΗΜΑ ΑΓΩΓΗΣ
83	ΓΑΛΑΝΗΣ	Α*	ΙΔΑΧ	ΔΕ ΜΑΓΕΙΡΩΝ	ΔΙΕΥΘΥΝΣΗ ΚΟΙΝΩΝΙΚΗΣ ΑΛΛΗΛΕΓΓΥΗΣ-ΠΑΙΔΕΙΑΣ ΚΑΙ ΑΓΩΓΗΣ ΤΜΗΜΑ ΑΓΩΓΗΣ
84	ΓΚΑΛΤΖΙΔΟΥ	Ε*	ΙΔΑΧ	ΤΕ ΠΑΙΔΑΓΩΓΩΝ ΠΡΟΣΧΟΛΙΚΗΣ ΠΑΙΔΙΚΩΝ ΠΑΙΔΙΚΑΣ	ΔΙΕΥΘΥΝΣΗ ΚΟΙΝΩΝΙΚΗΣ ΑΛΛΗΛΕΓΓΥΗΣ-ΠΑΙΔΕΙΑΣ ΚΑΙ ΑΓΩΓΗΣ ΤΜΗΜΑ ΑΓΩΓΗΣ
85	ΔΗΜΗΤΡΙΟΥ	Μ*	ΙΔΑΧ	ΔΕ ΒΟΗΘΩΝ ΒΡΕΦΟΚΟΜΩΝ-ΝΗΠΙΟΚΟΜΩΝ ΒΟΗΘΩΝ	ΔΙΕΥΘΥΝΣΗ ΚΟΙΝΩΝΙΚΗΣ ΑΛΛΗΛΕΓΓΥΗΣ-ΠΑΙΔΕΙΑΣ ΚΑΙ ΑΓΩΓΗΣ ΤΜΗΜΑ ΑΓΩΓΗΣ
86	ΖΑΚΕΝΤΣΙΔΟΥ	Ε*	ΙΔΑΧ	ΔΕ ΜΑΓΕΙΡΩΝ	ΔΙΕΥΘΥΝΣΗ ΚΟΙΝΩΝΙΚΗΣ ΑΛΛΗΛΕΓΓΥΗΣ-ΠΑΙΔΕΙΑΣ ΚΑΙ ΑΓΩΓΗΣ ΤΜΗΜΑ ΑΓΩΓΗΣ
87	ΖΑΦΕΙΡΟΥΛΑ	Α*	ΙΔΑΧ	ΤΕ ΠΑΙΔΑΓΩΓΩΝ ΠΡΟΣΧΟΛΙΚΗΣ ΠΑΙΔΙΚΩΝ ΠΑΙΔΙΚΑΣ	ΔΙΕΥΘΥΝΣΗ ΚΟΙΝΩΝΙΚΗΣ ΑΛΛΗΛΕΓΓΥΗΣ-ΠΑΙΔΕΙΑΣ ΚΑΙ ΑΓΩΓΗΣ ΤΜΗΜΑ ΑΓΩΓΗΣ
88	ΖΑΧΑΡΟΠΟΥΛΟΥ	Ε*	ΙΔΑΧ	ΔΕ ΒΟΗΘΩΝ ΒΡΕΦΟΚΟΜΩΝ-ΝΗΠΙΟΚΟΜΩΝ ΒΟΗΘΩΝ	ΔΙΕΥΘΥΝΣΗ ΚΟΙΝΩΝΙΚΗΣ ΑΛΛΗΛΕΓΓΥΗΣ-ΠΑΙΔΕΙΑΣ ΚΑΙ ΑΓΩΓΗΣ ΤΜΗΜΑ ΑΓΩΓΗΣ
89	ΚΑΤΣΑΝΗ	Ε*	ΙΔΑΧ	ΤΕ ΠΑΙΔΑΓΩΓΩΝ ΠΡΟΣΧΟΛΙΚΗΣ ΠΑΙΔΙΚΩΝ ΠΑΙΔΙΚΑΣ	ΔΙΕΥΘΥΝΣΗ ΚΟΙΝΩΝΙΚΗΣ ΑΛΛΗΛΕΓΓΥΗΣ-ΠΑΙΔΕΙΑΣ ΚΑΙ ΑΓΩΓΗΣ ΤΜΗΜΑ ΑΓΩΓΗΣ
90	ΚΑΤΣΙΑΝΑ	Α*	ΙΔΑΧ	ΤΕ ΠΑΙΔΑΓΩΓΩΝ ΠΡΟΣΧΟΛΙΚΗΣ ΠΑΙΔΙΚΩΝ ΠΑΙΔΙΚΑΣ	ΔΙΕΥΘΥΝΣΗ ΚΟΙΝΩΝΙΚΗΣ ΑΛΛΗΛΕΓΓΥΗΣ-ΠΑΙΔΕΙΑΣ ΚΑΙ ΑΓΩΓΗΣ ΤΜΗΜΑ ΑΓΩΓΗΣ
